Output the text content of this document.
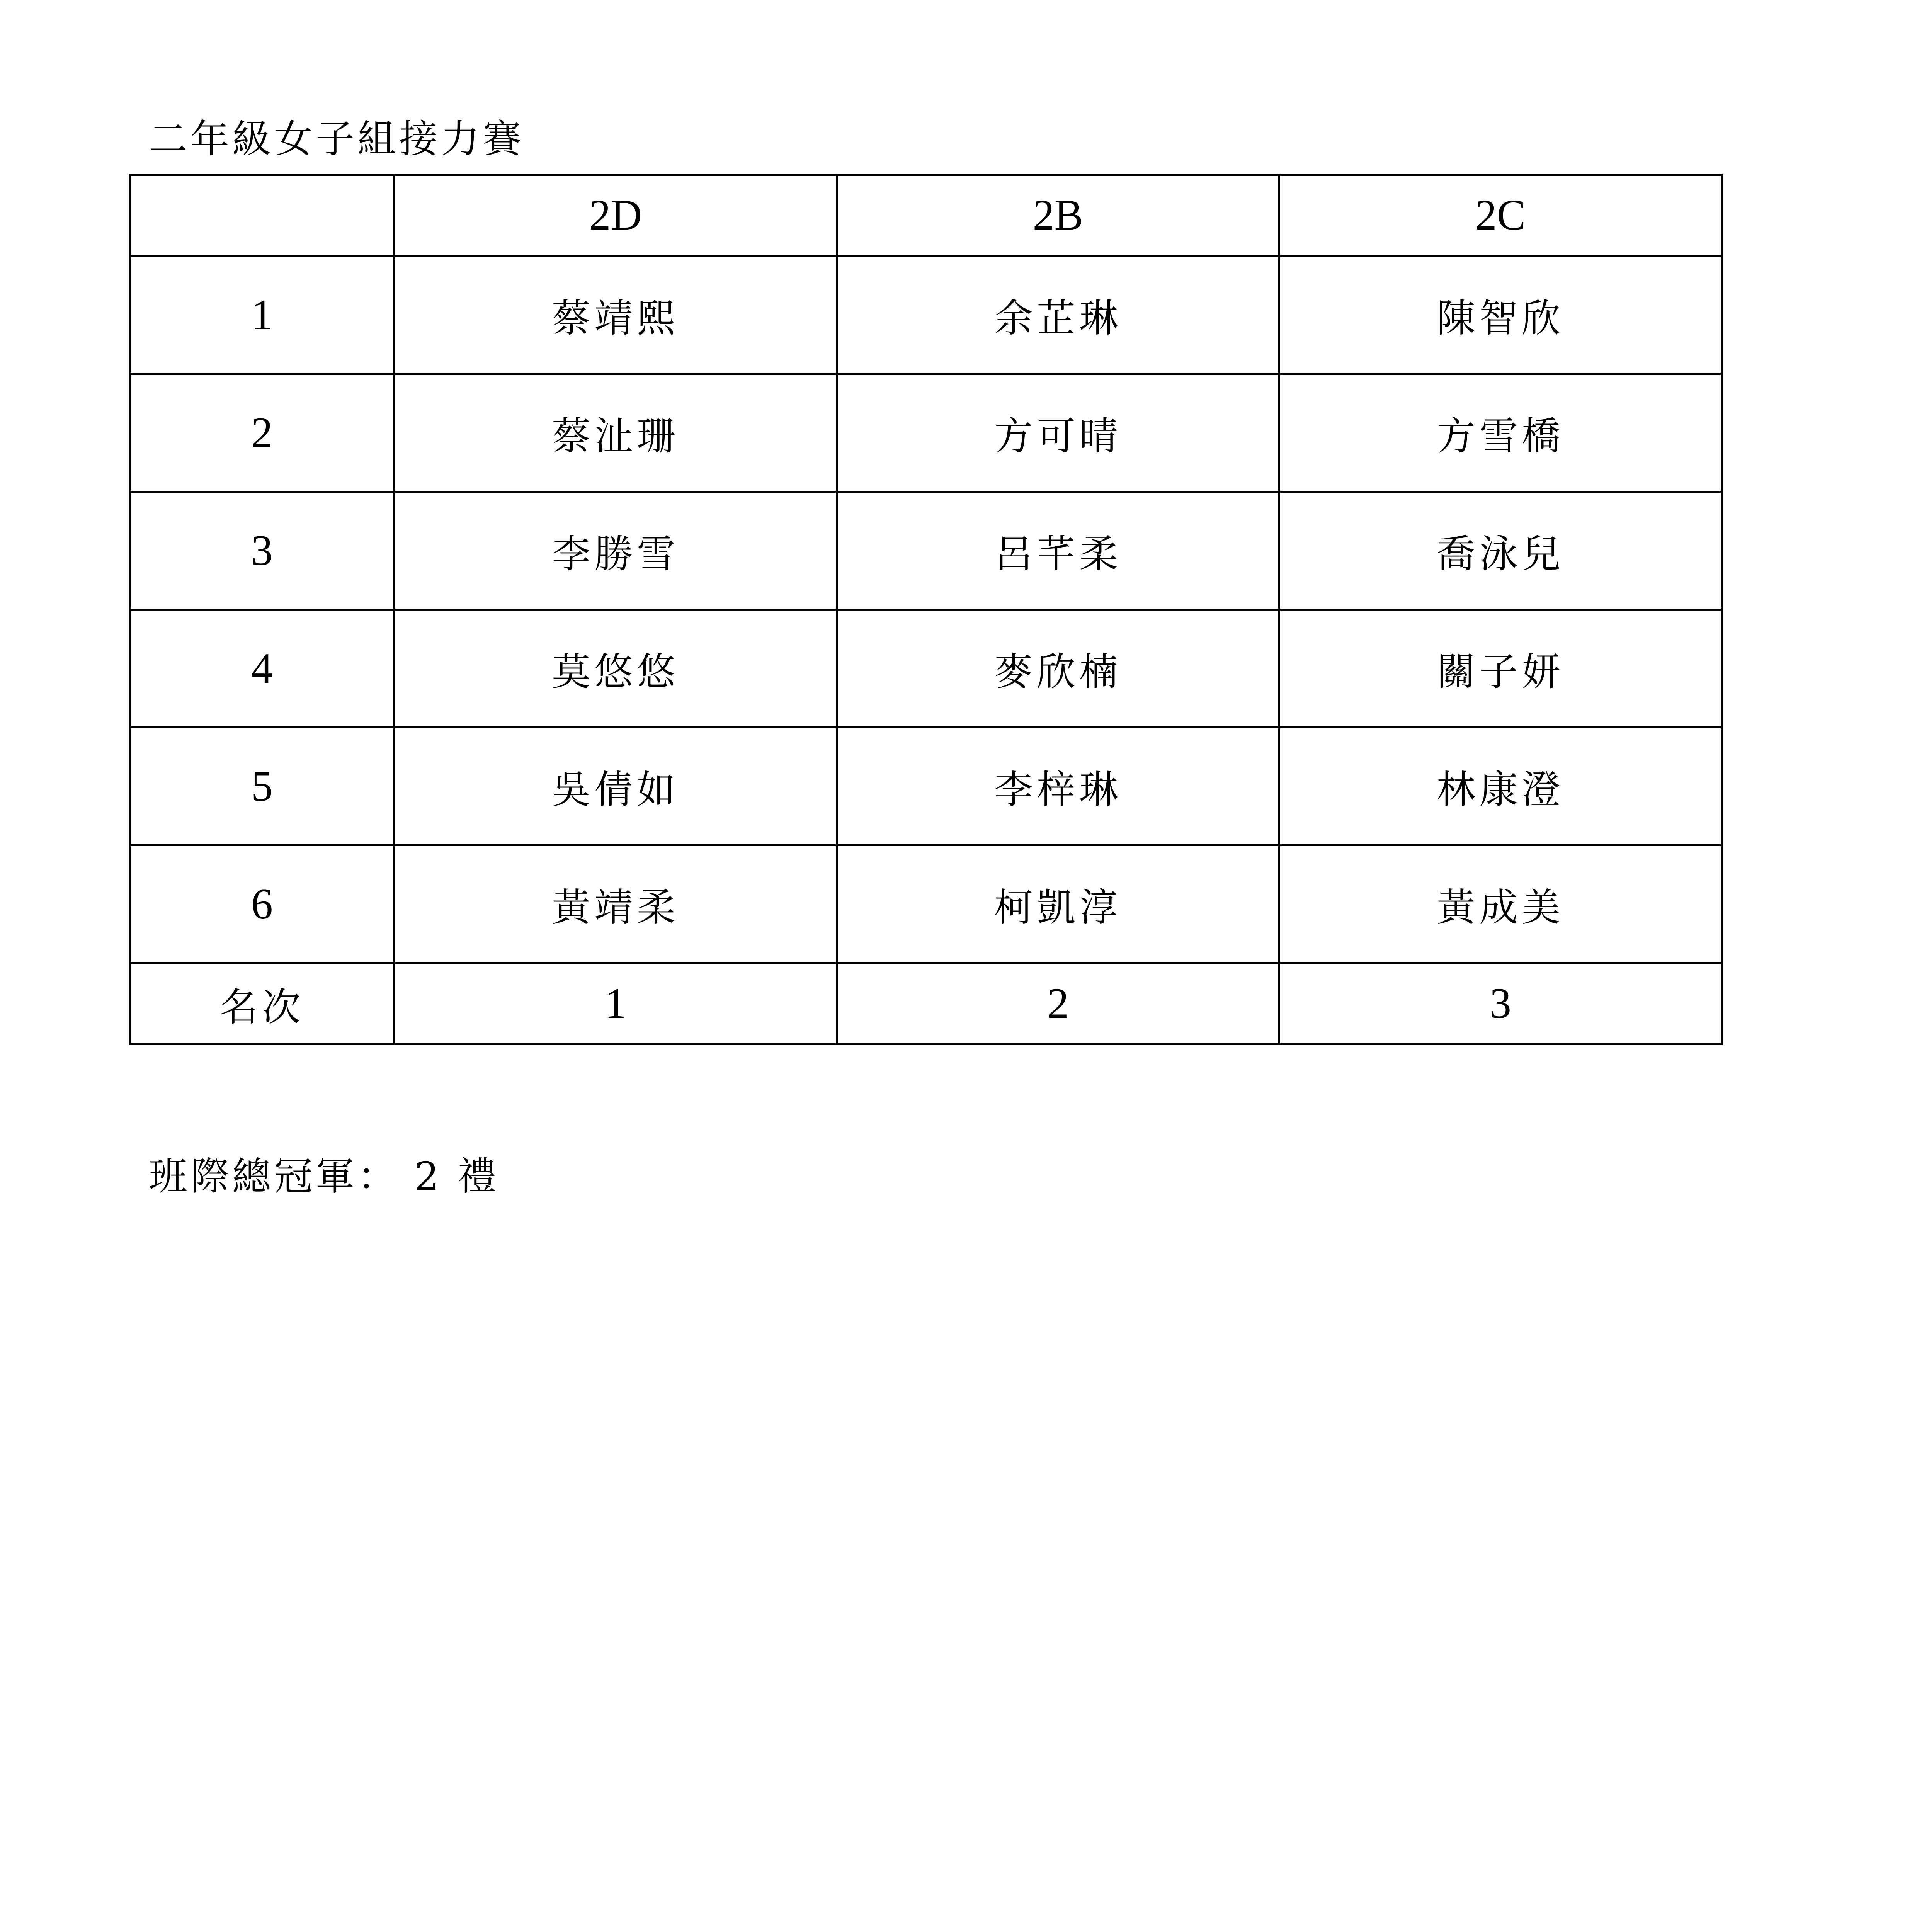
二年級女子組接力賽
	2D	2B	2C
1	蔡靖熙	余芷琳	陳智欣
2	蔡沚珊	方可晴	方雪橋
3	李勝雪	呂芊柔	喬泳兒
4	莫悠悠	麥欣楠	關子妍
5	吳倩如	李梓琳	林康澄
6	黃靖柔	柯凱淳	黃成美
名次	1	2	3
班際總冠軍： 2 禮
